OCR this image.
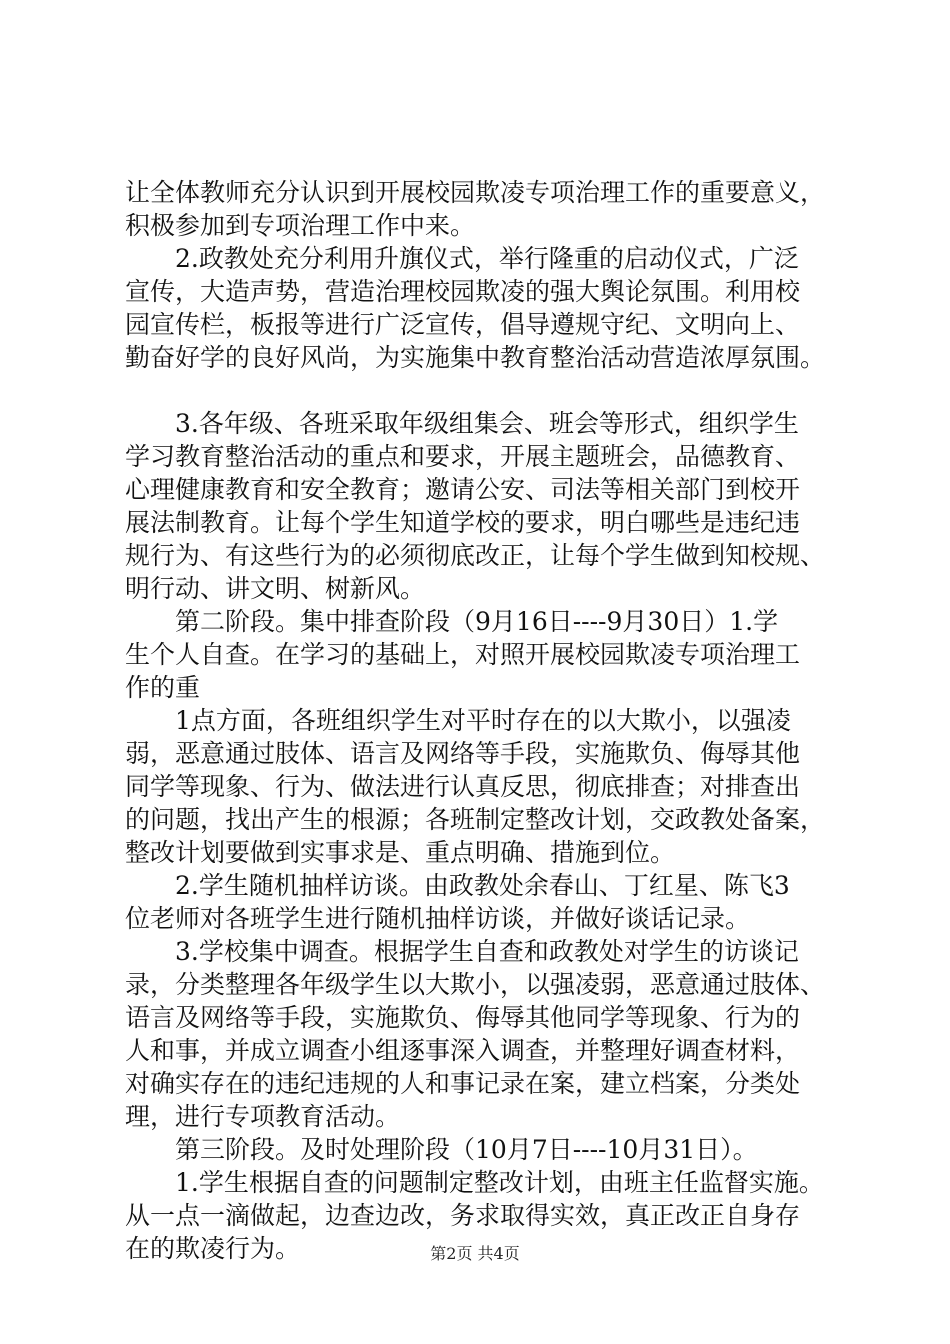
让全体教师充分认识到开展校园欺凌专项治理工作的重要意义，
积极参加到专项治理工作中来。

2.政教处充分利用升旗仪式，举行隆重的启动仪式，广泛
宣传，大造声势，营造治理校园欺凌的强大舆论氛围。利用校
园宣传栏，板报等进行广泛宣传，倡导遵规守纪、文明向上、
勤奋好学的良好风尚，为实施集中教育整治活动营造浓厚氛围。

3.各年级、各班采取年级组集会、班会等形式，组织学生
学习教育整治活动的重点和要求，开展主题班会，品德教育、
心理健康教育和安全教育；邀请公安、司法等相关部门到校开
展法制教育。让每个学生知道学校的要求，明白哪些是违纪违
规行为、有这些行为的必须彻底改正，让每个学生做到知校规、
明行动、讲文明、树新风。

第二阶段。集中排查阶段（9月16日----9月30日）1.学
生个人自查。在学习的基础上，对照开展校园欺凌专项治理工
作的重

1点方面，各班组织学生对平时存在的以大欺小，以强凌
弱，恶意通过肢体、语言及网络等手段，实施欺负、侮辱其他
同学等现象、行为、做法进行认真反思，彻底排查；对排查出
的问题，找出产生的根源；各班制定整改计划，交政教处备案，
整改计划要做到实事求是、重点明确、措施到位。

2.学生随机抽样访谈。由政教处余春山、丁红星、陈飞3
位老师对各班学生进行随机抽样访谈，并做好谈话记录。

3.学校集中调查。根据学生自查和政教处对学生的访谈记
录，分类整理各年级学生以大欺小，以强凌弱，恶意通过肢体、
语言及网络等手段，实施欺负、侮辱其他同学等现象、行为的
人和事，并成立调查小组逐事深入调查，并整理好调查材料，
对确实存在的违纪违规的人和事记录在案，建立档案，分类处
理，进行专项教育活动。

第三阶段。及时处理阶段（10月7日----10月31日）。

1.学生根据自查的问题制定整改计划，由班主任监督实施。
从一点一滴做起，边查边改，务求取得实效，真正改正自身存
在的欺凌行为。	第2页 共4页
